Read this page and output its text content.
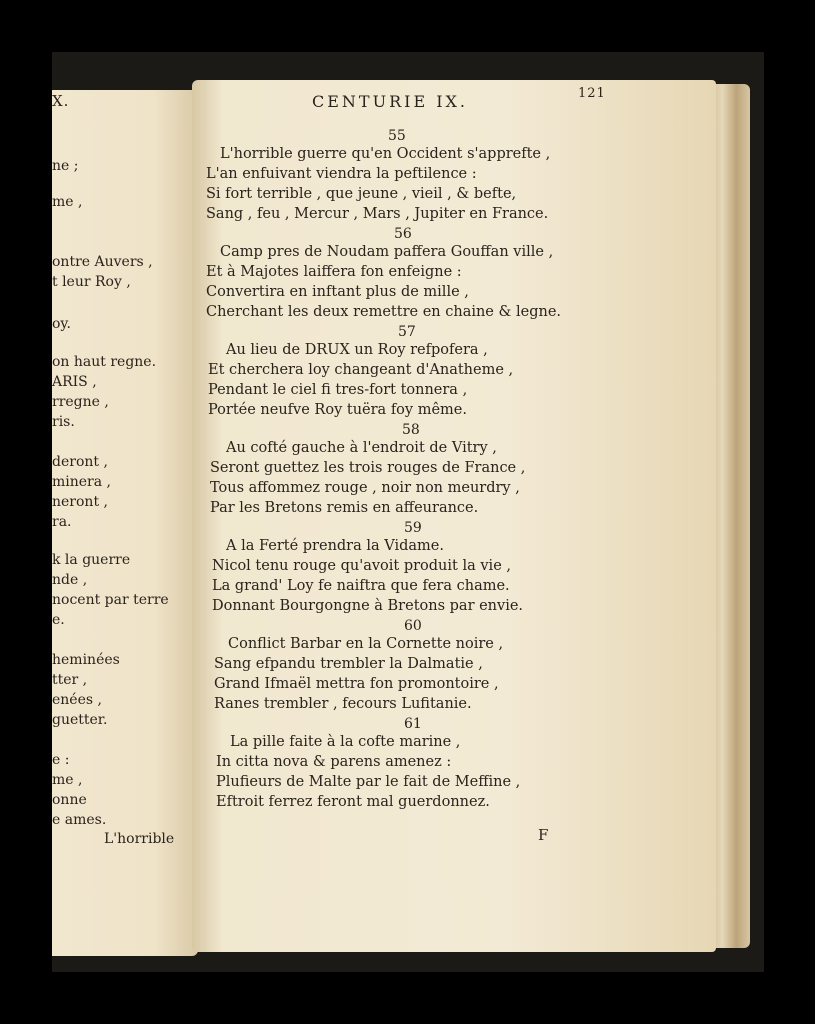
X.
ne ;
me ,
ontre Auvers ,
t leur Roy ,
oy.
on haut regne.
ARIS ,
rregne ,
ris.
deront ,
minera ,
neront ,
ra.
k la guerre
nde ,
nocent par terre
e.
heminées
tter ,
enées ,
guetter.
e :
me ,
onne
e ames.
L'horrible
CENTURIE IX.	121
55
L'horrible guerre qu'en Occident s'apprefte ,
L'an enfuivant viendra la peftilence :
Si fort terrible , que jeune , vieil , & befte,
Sang , feu , Mercur , Mars , Jupiter en France.
56
Camp pres de Noudam paffera Gouffan ville ,
Et à Majotes laiffera fon enfeigne :
Convertira en inftant plus de mille ,
Cherchant les deux remettre en chaine & legne.
57
Au lieu de DRUX un Roy refpofera ,
Et cherchera loy changeant d'Anatheme ,
Pendant le ciel fi tres-fort tonnera ,
Portée neufve Roy tuëra foy même.
58
Au cofté gauche à l'endroit de Vitry ,
Seront guettez les trois rouges de France ,
Tous affommez rouge , noir non meurdry ,
Par les Bretons remis en affeurance.
59
A la Ferté prendra la Vidame.
Nicol tenu rouge qu'avoit produit la vie ,
La grand' Loy fe naiftra que fera chame.
Donnant Bourgongne à Bretons par envie.
60
Conflict Barbar en la Cornette noire ,
Sang efpandu trembler la Dalmatie ,
Grand Ifmaël mettra fon promontoire ,
Ranes trembler , fecours Lufitanie.
61
La pille faite à la cofte marine ,
In citta nova & parens amenez :
Plufieurs de Malte par le fait de Meffine ,
Eftroit ferrez feront mal guerdonnez.
F
